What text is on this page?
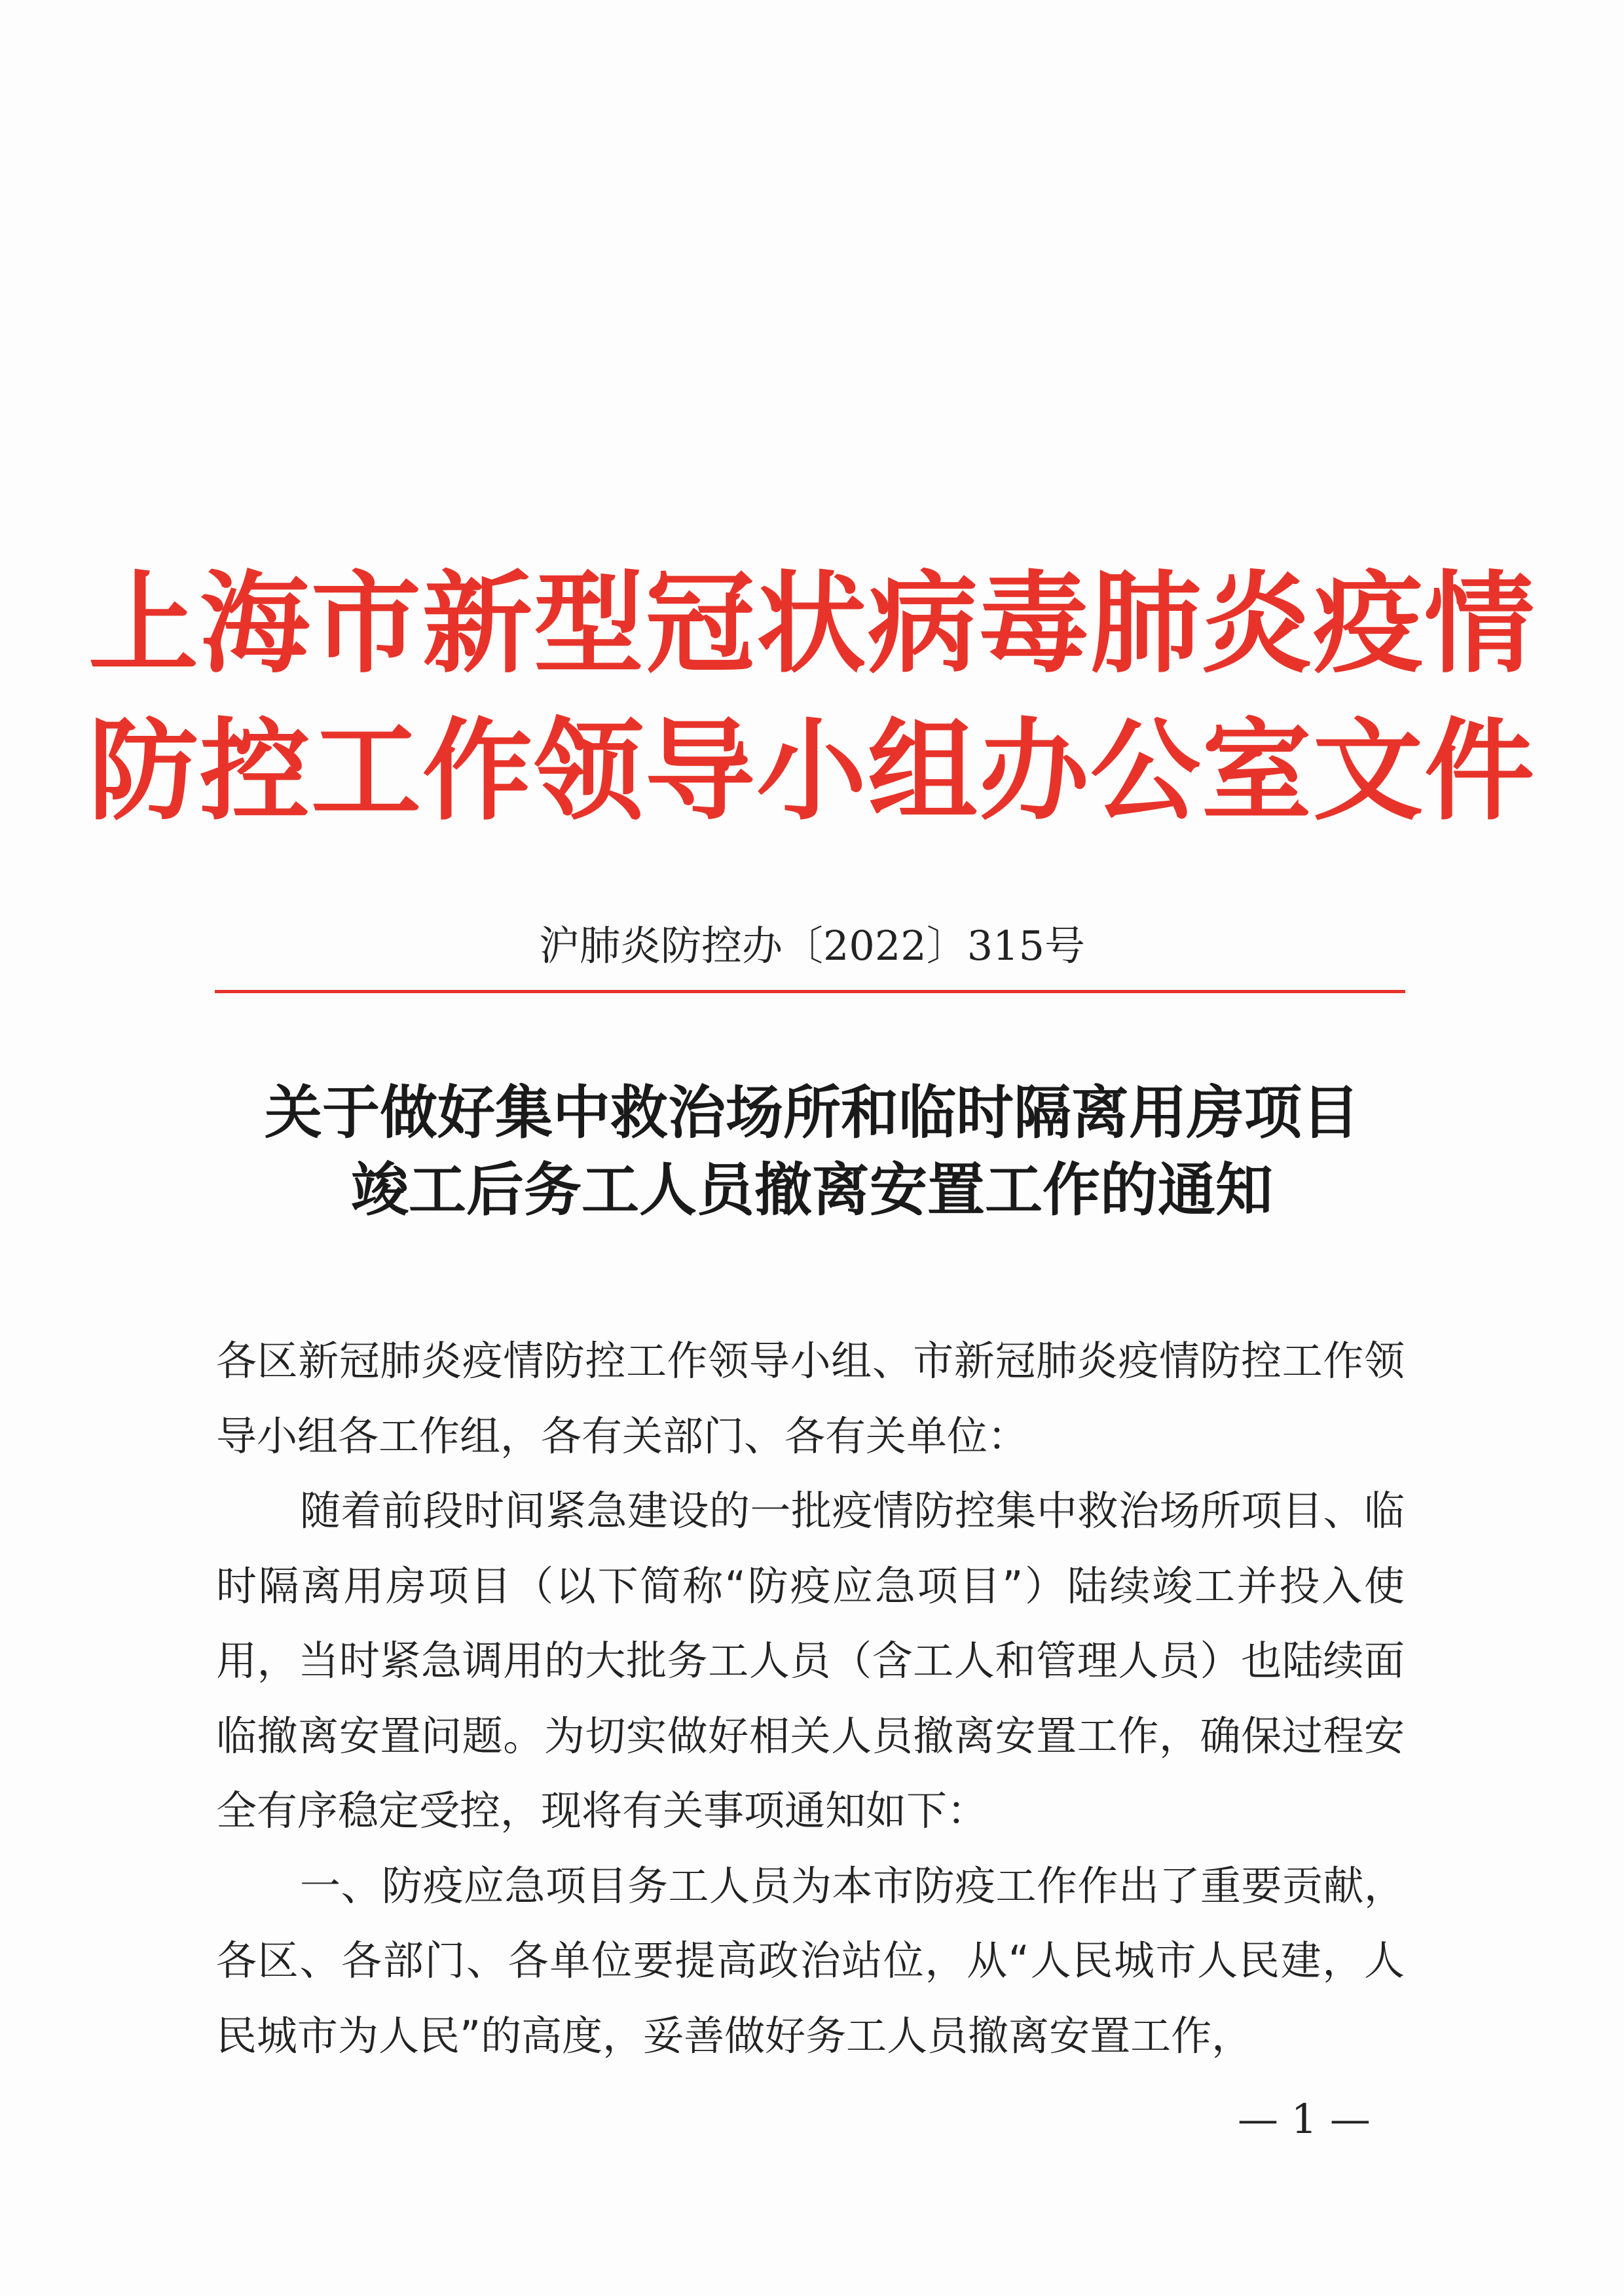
上海市新型冠状病毒肺炎疫情
防控工作领导小组办公室文件
沪肺炎防控办〔2022〕315号
关于做好集中救治场所和临时隔离用房项目
竣工后务工人员撤离安置工作的通知

各区新冠肺炎疫情防控工作领导小组、市新冠肺炎疫情防控工作领导小组各工作组，各有关部门、各有关单位：

随着前段时间紧急建设的一批疫情防控集中救治场所项目、临时隔离用房项目（以下简称“防疫应急项目”）陆续竣工并投入使用，当时紧急调用的大批务工人员（含工人和管理人员）也陆续面临撤离安置问题。为切实做好相关人员撤离安置工作，确保过程安全有序稳定受控，现将有关事项通知如下：

一、防疫应急项目务工人员为本市防疫工作作出了重要贡献，各区、各部门、各单位要提高政治站位，从“人民城市人民建，人民城市为人民”的高度，妥善做好务工人员撤离安置工作，

— 1 —
